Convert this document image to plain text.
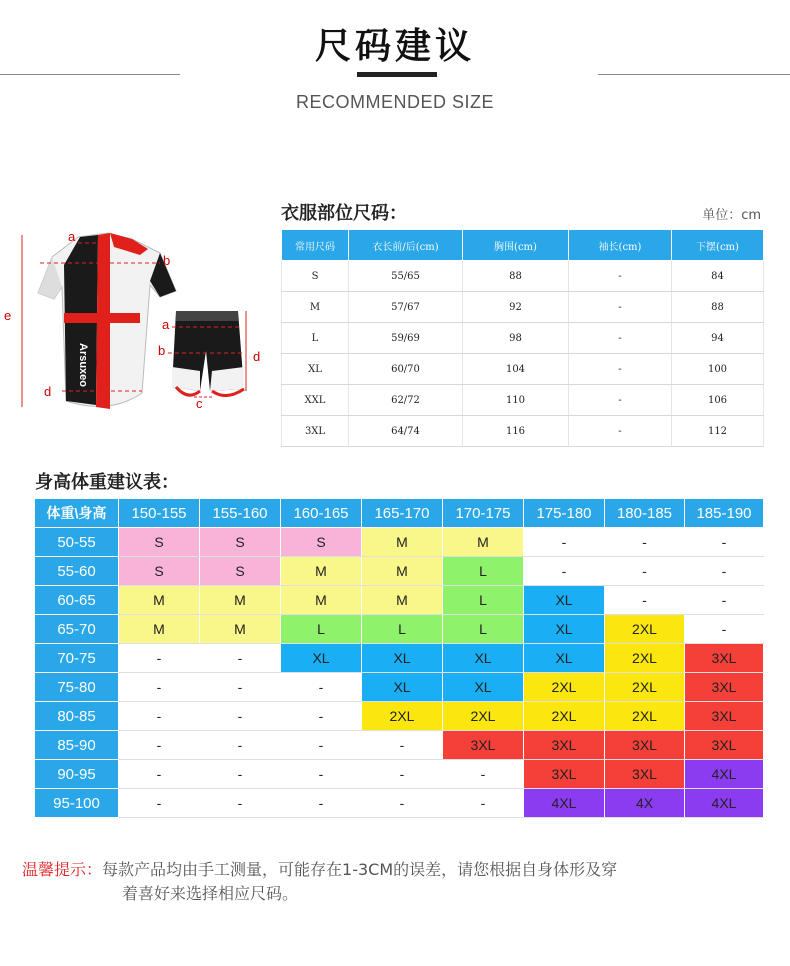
尺码建议
RECOMMENDED SIZE
Arsuxeo
a
b
e
d
a
b	d
c
衣服部位尺码：	单位：cm
常用尺码	衣长前/后(cm)	胸围(cm)	袖长(cm)	下摆(cm)
S	55/65	88	-	84
M	57/67	92	-	88
L	59/69	98	-	94
XL	60/70	104	-	100
XXL	62/72	110	-	106
3XL	64/74	116	-	112
身高体重建议表：
体重\身高	150-155	155-160	160-165	165-170	170-175	175-180	180-185	185-190
50-55	S	S	S	M	M	-	-	-
55-60	S	S	M	M	L	-	-	-
60-65	M	M	M	M	L	XL	-	-
65-70	M	M	L	L	L	XL	2XL	-
70-75	-	-	XL	XL	XL	XL	2XL	3XL
75-80	-	-	-	XL	XL	2XL	2XL	3XL
80-85	-	-	-	2XL	2XL	2XL	2XL	3XL
85-90	-	-	-	-	3XL	3XL	3XL	3XL
90-95	-	-	-	-	-	3XL	3XL	4XL
95-100	-	-	-	-	-	4XL	4X	4XL
温馨提示：每款产品均由手工测量，可能存在1-3CM的误差，请您根据自身体形及穿
着喜好来选择相应尺码。
